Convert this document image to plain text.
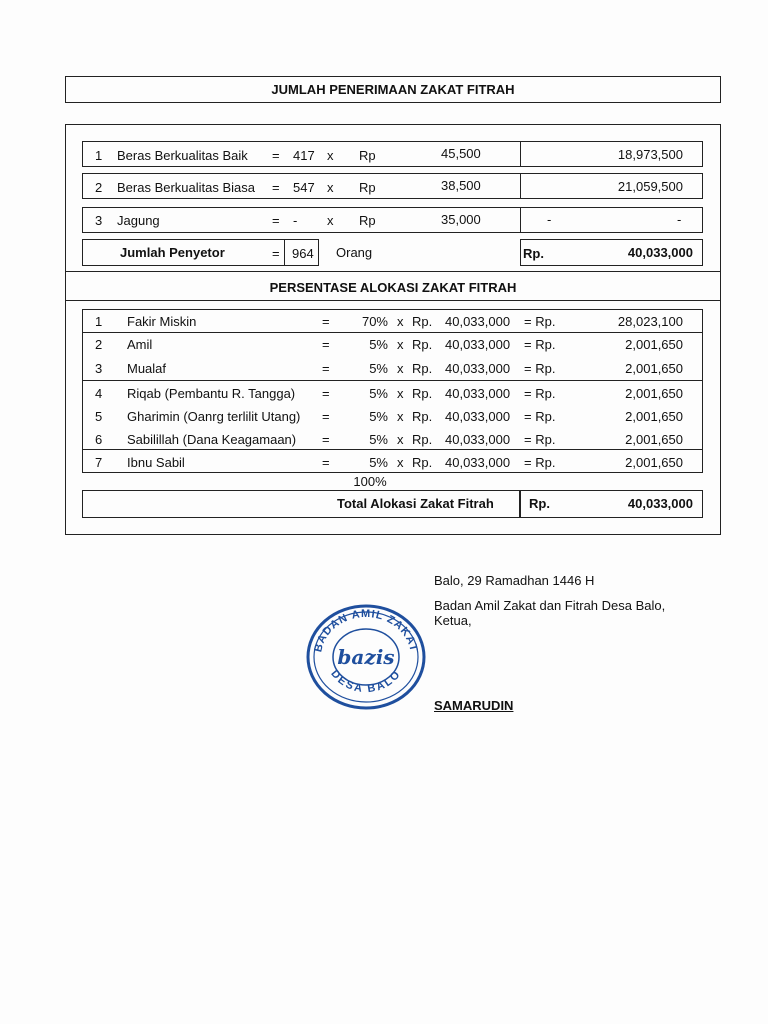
JUMLAH PENERIMAAN ZAKAT FITRAH
1 Beras Berkualitas Baik = 417 x Rp	45,500	18,973,500
2 Beras Berkualitas Biasa = 547 x Rp	38,500	21,059,500
3 Jagung	= - x Rp	35,000	-	-
Jumlah Penyetor	= 964 Orang	Rp.	40,033,000
PERSENTASE ALOKASI ZAKAT FITRAH
1 Fakir Miskin	=	70% x Rp. 40,033,000 = Rp.	28,023,100
2 Amil	=	5% x Rp. 40,033,000 = Rp.	2,001,650
3 Mualaf	=	5% x Rp. 40,033,000 = Rp.	2,001,650
4 Riqab (Pembantu R. Tangga) =	5% x Rp. 40,033,000 = Rp.	2,001,650
5 Gharimin (Oanrg terlilit Utang) =	5% x Rp. 40,033,000 = Rp.	2,001,650
6 Sabilillah (Dana Keagamaan) =	5% x Rp. 40,033,000 = Rp.	2,001,650
7 Ibnu Sabil	=	5% x Rp. 40,033,000 = Rp.	2,001,650
100%
Total Alokasi Zakat Fitrah	Rp.	40,033,000
Balo, 29 Ramadhan 1446 H
Badan Amil Zakat dan Fitrah Desa Balo,
Ketua,
SAMARUDIN
BADAN AMIL ZAKAT
DESA BALO
bazis
